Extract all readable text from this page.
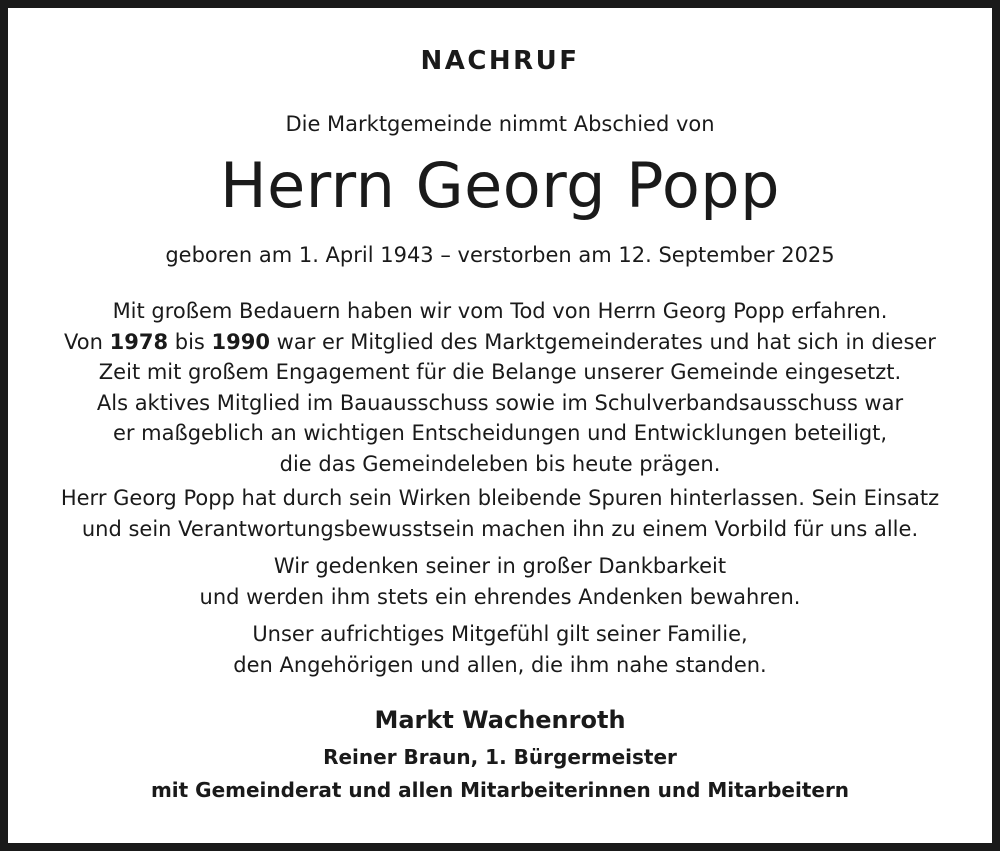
NACHRUF
Die Marktgemeinde nimmt Abschied von
Herrn Georg Popp
geboren am 1. April 1943 – verstorben am 12. September 2025
Mit großem Bedauern haben wir vom Tod von Herrn Georg Popp erfahren.
Von 1978 bis 1990 war er Mitglied des Marktgemeinderates und hat sich in dieser
Zeit mit großem Engagement für die Belange unserer Gemeinde eingesetzt.
Als aktives Mitglied im Bauausschuss sowie im Schulverbandsausschuss war
er maßgeblich an wichtigen Entscheidungen und Entwicklungen beteiligt,
die das Gemeindeleben bis heute prägen.
Herr Georg Popp hat durch sein Wirken bleibende Spuren hinterlassen. Sein Einsatz
und sein Verantwortungsbewusstsein machen ihn zu einem Vorbild für uns alle.
Wir gedenken seiner in großer Dankbarkeit
und werden ihm stets ein ehrendes Andenken bewahren.
Unser aufrichtiges Mitgefühl gilt seiner Familie,
den Angehörigen und allen, die ihm nahe standen.
Markt Wachenroth
Reiner Braun, 1. Bürgermeister
mit Gemeinderat und allen Mitarbeiterinnen und Mitarbeitern
